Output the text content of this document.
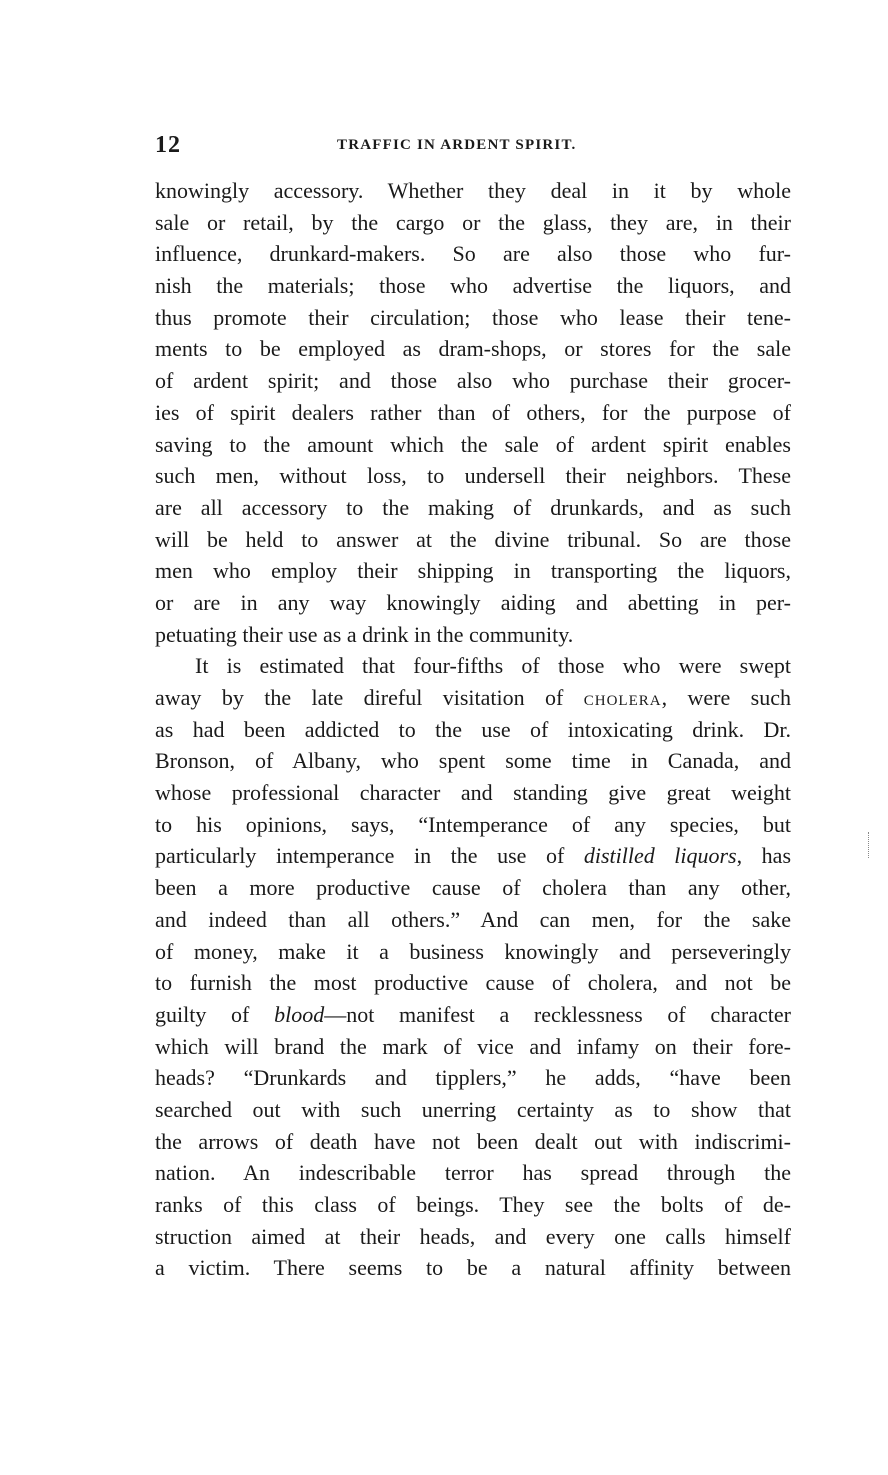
12	TRAFFIC IN ARDENT SPIRIT.
knowingly accessory. Whether they deal in it by whole
sale or retail, by the cargo or the glass, they are, in their
influence, drunkard-makers. So are also those who fur-
nish the materials; those who advertise the liquors, and
thus promote their circulation; those who lease their tene-
ments to be employed as dram-shops, or stores for the sale
of ardent spirit; and those also who purchase their grocer-
ies of spirit dealers rather than of others, for the purpose of
saving to the amount which the sale of ardent spirit enables
such men, without loss, to undersell their neighbors. These
are all accessory to the making of drunkards, and as such
will be held to answer at the divine tribunal. So are those
men who employ their shipping in transporting the liquors,
or are in any way knowingly aiding and abetting in per-
petuating their use as a drink in the community.
It is estimated that four-fifths of those who were swept
away by the late direful visitation of CHOLERA, were such
as had been addicted to the use of intoxicating drink. Dr.
Bronson, of Albany, who spent some time in Canada, and
whose professional character and standing give great weight
to his opinions, says, “Intemperance of any species, but
particularly intemperance in the use of distilled liquors, has
been a more productive cause of cholera than any other,
and indeed than all others.” And can men, for the sake
of money, make it a business knowingly and perseveringly
to furnish the most productive cause of cholera, and not be
guilty of blood—not manifest a recklessness of character
which will brand the mark of vice and infamy on their fore-
heads? “Drunkards and tipplers,” he adds, “have been
searched out with such unerring certainty as to show that
the arrows of death have not been dealt out with indiscrimi-
nation. An indescribable terror has spread through the
ranks of this class of beings. They see the bolts of de-
struction aimed at their heads, and every one calls himself
a victim. There seems to be a natural affinity between
